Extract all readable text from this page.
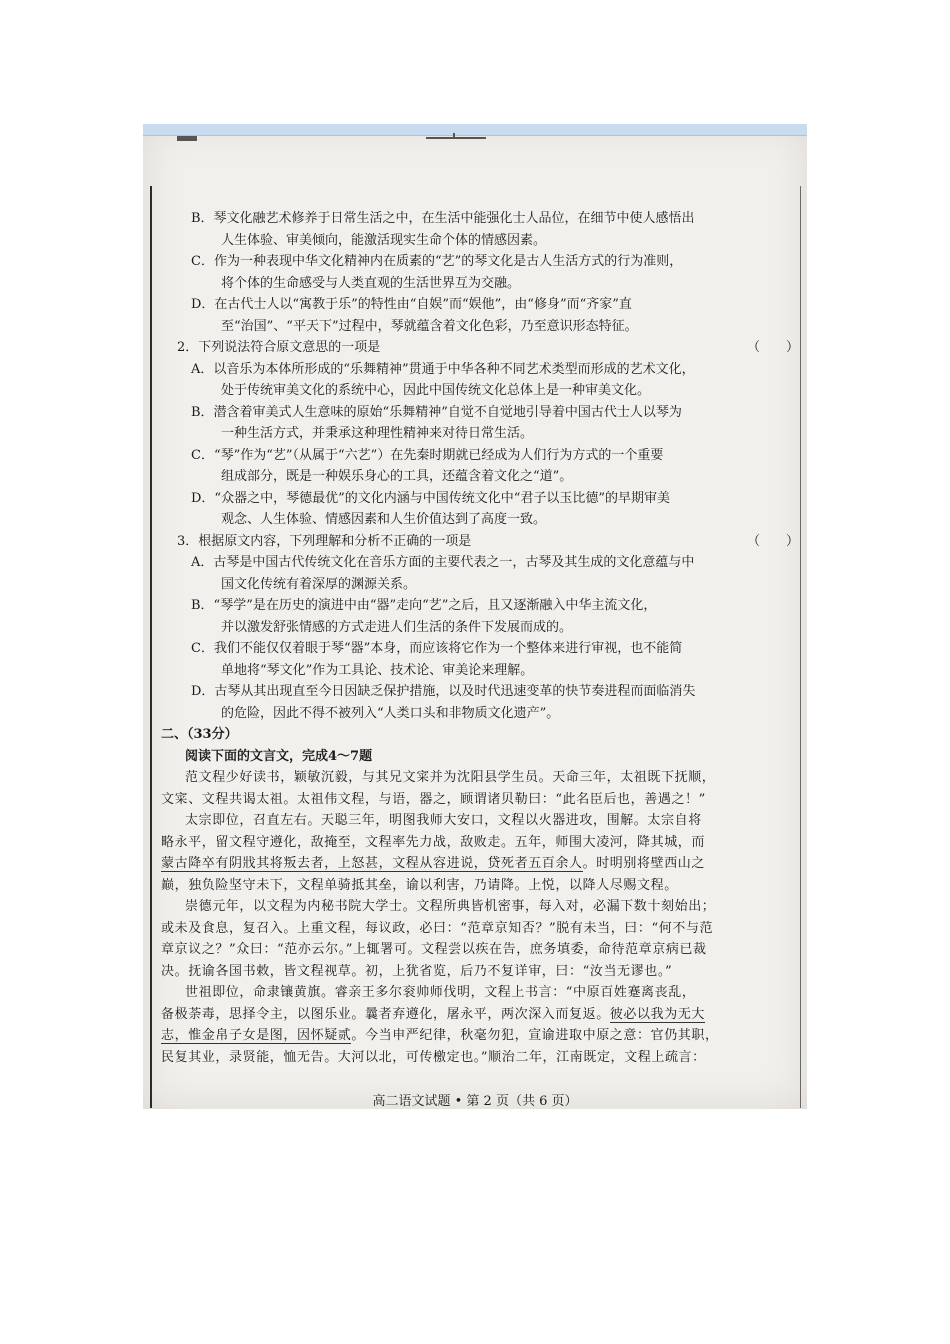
B．琴文化融艺术修养于日常生活之中，在生活中能强化士人品位，在细节中使人感悟出
人生体验、审美倾向，能激活现实生命个体的情感因素。
C．作为一种表现中华文化精神内在质素的“艺”的琴文化是古人生活方式的行为准则，
将个体的生命感受与人类直观的生活世界互为交融。
D．在古代士人以“寓教于乐”的特性由“自娱”而“娱他”，由“修身”而“齐家”直
至“治国”、“平天下”过程中，琴就蕴含着文化色彩，乃至意识形态特征。
2．下列说法符合原文意思的一项是	（　　）
A．以音乐为本体所形成的“乐舞精神”贯通于中华各种不同艺术类型而形成的艺术文化，
处于传统审美文化的系统中心，因此中国传统文化总体上是一种审美文化。
B．潜含着审美式人生意味的原始“乐舞精神”自觉不自觉地引导着中国古代士人以琴为
一种生活方式，并秉承这种理性精神来对待日常生活。
C．“琴”作为“艺”（从属于“六艺”）在先秦时期就已经成为人们行为方式的一个重要
组成部分，既是一种娱乐身心的工具，还蕴含着文化之“道”。
D．“众器之中，琴德最优”的文化内涵与中国传统文化中“君子以玉比德”的早期审美
观念、人生体验、情感因素和人生价值达到了高度一致。
3．根据原文内容，下列理解和分析不正确的一项是	（　　）
A．古琴是中国古代传统文化在音乐方面的主要代表之一，古琴及其生成的文化意蕴与中
国文化传统有着深厚的渊源关系。
B．“琴学”是在历史的演进中由“器”走向“艺”之后，且又逐渐融入中华主流文化，
并以激发舒张情感的方式走进人们生活的条件下发展而成的。
C．我们不能仅仅着眼于琴“器”本身，而应该将它作为一个整体来进行审视，也不能简
单地将“琴文化”作为工具论、技术论、审美论来理解。
D．古琴从其出现直至今日因缺乏保护措施，以及时代迅速变革的快节奏进程而面临消失
的危险，因此不得不被列入“人类口头和非物质文化遗产”。
二、（33分）
阅读下面的文言文，完成4～7题
范文程少好读书，颖敏沉毅，与其兄文寀并为沈阳县学生员。天命三年，太祖既下抚顺，
文寀、文程共谒太祖。太祖伟文程，与语，器之，顾谓诸贝勒曰：“此名臣后也，善遇之！”
太宗即位，召直左右。天聪三年，明图我师大安口，文程以火器进攻，围解。太宗自将
略永平，留文程守遵化，敌掩至，文程率先力战，敌败走。五年，师围大凌河，降其城，而
蒙古降卒有阴戕其将叛去者，上怒甚，文程从容进说，贷死者五百余人。时明别将壁西山之
巅，独负险坚守未下，文程单骑抵其垒，谕以利害，乃请降。上悦，以降人尽赐文程。
崇德元年，以文程为内秘书院大学士。文程所典皆机密事，每入对，必漏下数十刻始出；
或未及食息，复召入。上重文程，每议政，必曰：“范章京知否？”脱有未当，曰：“何不与范
章京议之？”众曰：“范亦云尔。”上辄署可。文程尝以疾在告，庶务填委，命待范章京病已裁
决。抚谕各国书敕，皆文程视草。初，上犹省览，后乃不复详审，曰：“汝当无谬也。”
世祖即位，命隶镶黄旗。睿亲王多尔衮帅师伐明，文程上书言：“中原百姓蹇离丧乱，
备极荼毒，思择令主，以图乐业。曩者弃遵化，屠永平，两次深入而复返。彼必以我为无大
志，惟金帛子女是图，因怀疑贰。今当申严纪律，秋毫勿犯，宣谕进取中原之意：官仍其职，
民复其业，录贤能，恤无告。大河以北，可传檄定也。”顺治二年，江南既定，文程上疏言：
高二语文试题 • 第 2 页（共 6 页）
